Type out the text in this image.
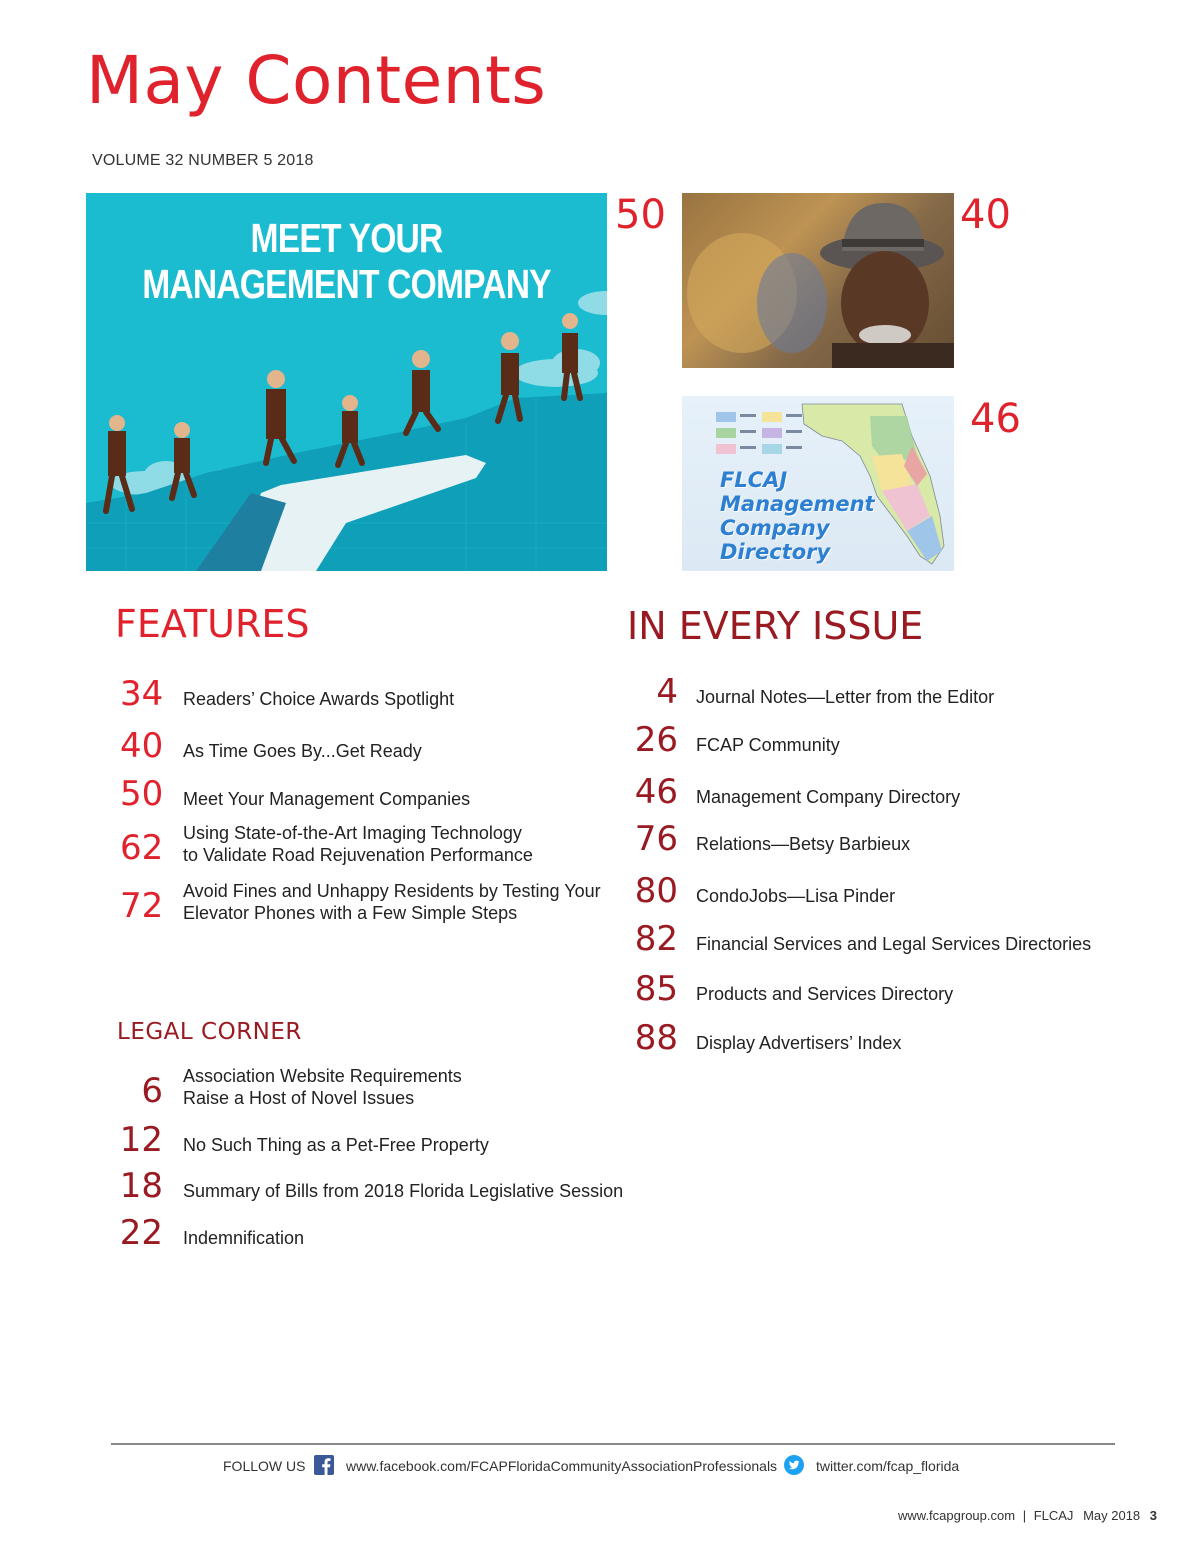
May Contents
VOLUME 32 NUMBER 5 2018
MEET YOUR
MANAGEMENT COMPANY
50	40
FLCAJ
Management
Company
Directory
46
FEATURES
34 Readers’ Choice Awards Spotlight
40 As Time Goes By...Get Ready
50 Meet Your Management Companies
62 Using State-of-the-Art Imaging Technology
to Validate Road Rejuvenation Performance
72 Avoid Fines and Unhappy Residents by Testing Your
Elevator Phones with a Few Simple Steps
LEGAL CORNER
6 Association Website Requirements
Raise a Host of Novel Issues
12 No Such Thing as a Pet-Free Property
18 Summary of Bills from 2018 Florida Legislative Session
22 Indemnification
IN EVERY ISSUE
4 Journal Notes—Letter from the Editor
26 FCAP Community
46 Management Company Directory
76 Relations—Betsy Barbieux
80 CondoJobs—Lisa Pinder
82 Financial Services and Legal Services Directories
85 Products and Services Directory
88 Display Advertisers’ Index
FOLLOW US	www.facebook.com/FCAPFloridaCommunityAssociationProfessionals	twitter.com/fcap_florida
www.fcapgroup.com | FLCAJ May 2018 3
